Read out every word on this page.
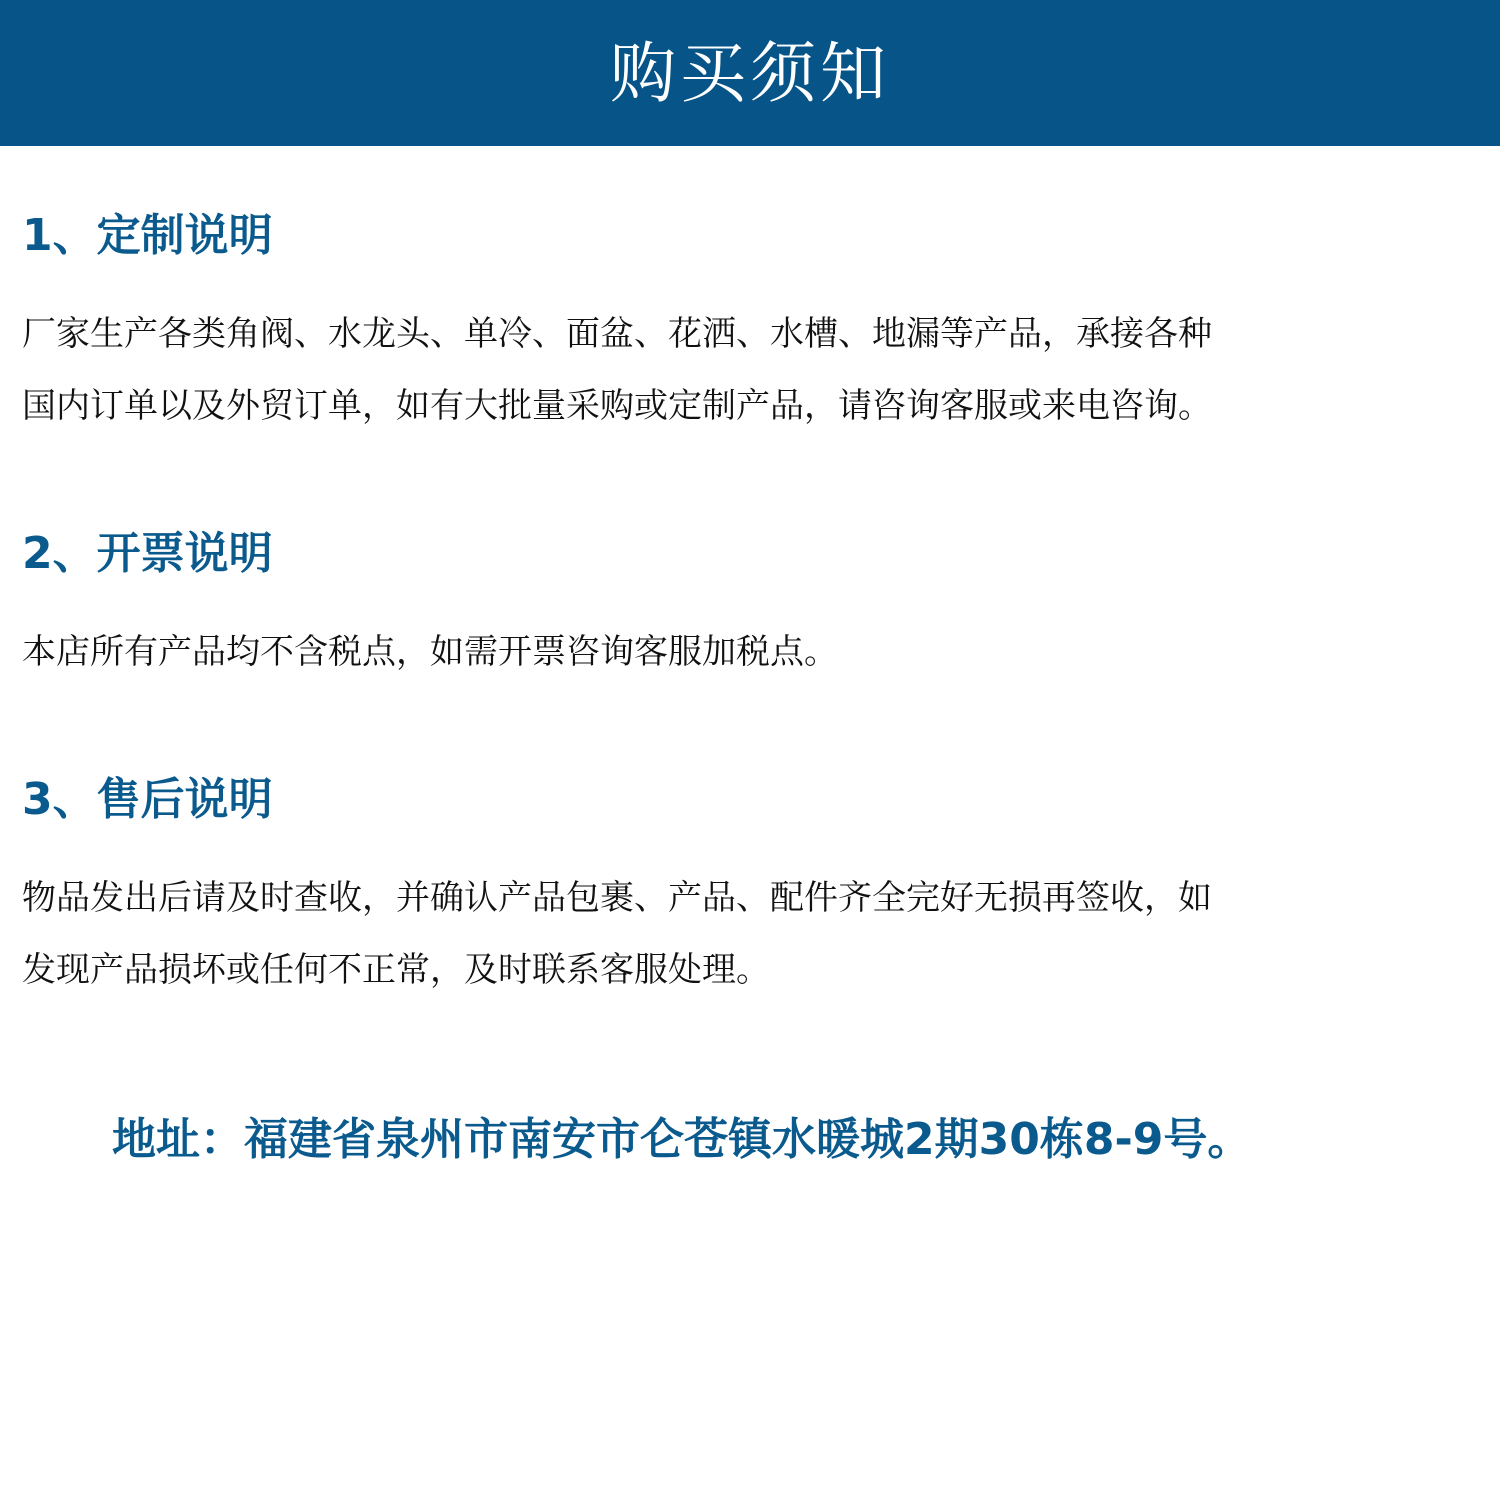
购买须知
1、定制说明
厂家生产各类角阀、水龙头、单冷、面盆、花洒、水槽、地漏等产品，承接各种
国内订单以及外贸订单，如有大批量采购或定制产品，请咨询客服或来电咨询。
2、开票说明
本店所有产品均不含税点，如需开票咨询客服加税点。
3、售后说明
物品发出后请及时查收，并确认产品包裹、产品、配件齐全完好无损再签收，如
发现产品损坏或任何不正常，及时联系客服处理。
地址：福建省泉州市南安市仑苍镇水暖城2期30栋8-9号。
